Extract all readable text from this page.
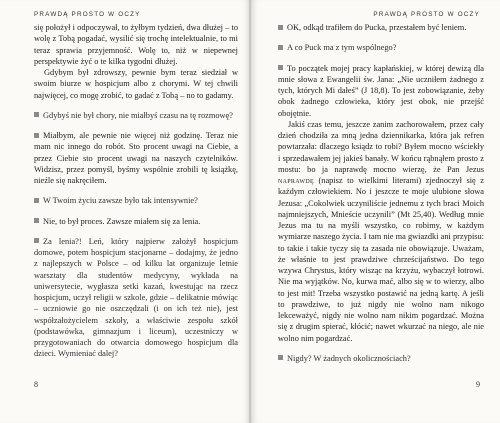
PRAWDĄ PROSTO W OCZY

się położył i odpoczywał, to żyłbym tydzień, dwa dłużej – to wolę z Tobą pogadać, wysilić się trochę intelektualnie, to mi teraz sprawia przyjemność. Wolę to, niż w niepewnej perspektywie żyć o te kilka tygodni dłużej.

Gdybym był zdrowszy, pewnie bym teraz siedział w swoim biurze w hospicjum albo z chorymi. W tej chwili najwięcej, co mogę zrobić, to gadać z Tobą – no to gadamy.

Gdybyś nie był chory, nie miałbyś czasu na tę rozmowę?

Miałbym, ale pewnie nie więcej niż godzinę. Teraz nie mam nic innego do robót. Sto procent uwagi na Ciebie, a przez Ciebie sto procent uwagi na naszych czytelników. Widzisz, przez pomyśl, byśmy wspólnie zrobili tę książkę, nieźle się nakręciłem.

W Twoim życiu zawsze było tak intensywnie?

Nie, to był proces. Zawsze miałem się za lenia.

Za lenia?! Leń, który najpierw założył hospicjum domowe, potem hospicjum stacjonarne – dodajmy, że jedno z najlepszych w Polsce – od kilku lat organizuje letnie warsztaty dla studentów medycyny, wykłada na uniwersytecie, wygłasza setki kazań, kwestując na rzecz hospicjum, uczył religii w szkole, gdzie – delikatnie mówiąc – uczniowie go nie oszczędzali (i on ich też nie), jest współzałożycielem szkoły, a właściwie zespołu szkół (podstawówka, gimnazjum i liceum), uczestniczy w przygotowaniach do otwarcia domowego hospicjum dla dzieci. Wymieniać dalej?

8
PRAWDĄ PROSTO W OCZY

OK, odkąd trafiłem do Pucka, przestałem być leniem.

A co Puck ma z tym wspólnego?

To początek mojej pracy kapłańskiej, w której dewizą dla mnie słowa z Ewangelii św. Jana: „Nie uczniłem żadnego z tych, których Mi dałeś” (J 18,8). To jest zobowiązanie, żeby obok żadnego człowieka, który jest obok, nie przejść obojętnie.

Jakiś czas temu, jeszcze zanim zachorowałem, przez cały dzień chodziła za mną jedna dziennikarka, która jak refren powtarzała: dlaczego ksiądz to robi? Byłem mocno wściekły i sprzedawałem jej jakieś banały. W końcu rąbnąłem prosto z mostu: bo ja naprawdę mocno wierzę, że Pan Jezus naprawdę (napisz to wielkimi literami) zjednoczył się z każdym człowiekiem. No i jeszcze te moje ulubione słowa Jezusa: „Cokolwiek uczyniliście jednemu z tych braci Moich najmniejszych, Mnieście uczynili” (Mt 25,40). Według mnie Jezus ma tu na myśli wszystko, co robimy, w każdym wymiarze naszego życia. I tam nie ma gwiazdki ani przypisu: to takie i takie tyczy się ta zasada nie obowiązuje. Uważam, że właśnie to jest prawdziwe chrześcijaństwo. Do tego wzywa Chrystus, który wisząc na krzyżu, wybaczył łotrowi. Nie ma wyjątków. No, kurwa mać, albo się w to wierzy, albo to jest mit! Trzeba wszystko postawić na jedną kartę. A jeśli to prawdziwe, to już nigdy nie wolno nam nikogo lekceważyć, nigdy nie wolno nam nikim pogardzać. Można się z drugim spierać, kłócić; nawet wkurzać na niego, ale nie wolno nim pogardzać.

Nigdy? W żadnych okolicznościach?

9
